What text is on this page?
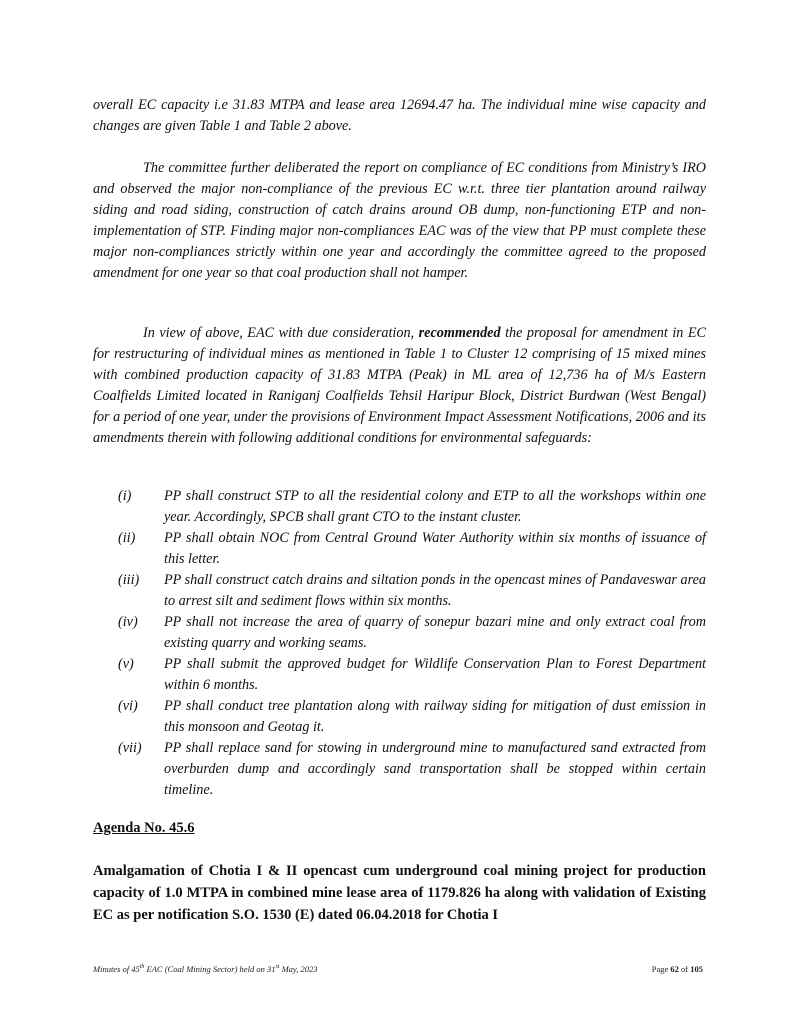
overall EC capacity i.e 31.83 MTPA and lease area 12694.47 ha. The individual mine wise capacity and changes are given Table 1 and Table 2 above.

The committee further deliberated the report on compliance of EC conditions from Ministry’s IRO and observed the major non-compliance of the previous EC w.r.t. three tier plantation around railway siding and road siding, construction of catch drains around OB dump, non-functioning ETP and non-implementation of STP. Finding major non-compliances EAC was of the view that PP must complete these major non-compliances strictly within one year and accordingly the committee agreed to the proposed amendment for one year so that coal production shall not hamper.

In view of above, EAC with due consideration, recommended the proposal for amendment in EC for restructuring of individual mines as mentioned in Table 1 to Cluster 12 comprising of 15 mixed mines with combined production capacity of 31.83 MTPA (Peak) in ML area of 12,736 ha of M/s Eastern Coalfields Limited located in Raniganj Coalfields Tehsil Haripur Block, District Burdwan (West Bengal) for a period of one year, under the provisions of Environment Impact Assessment Notifications, 2006 and its amendments therein with following additional conditions for environmental safeguards:

(i) PP shall construct STP to all the residential colony and ETP to all the workshops within one year. Accordingly, SPCB shall grant CTO to the instant cluster.
(ii) PP shall obtain NOC from Central Ground Water Authority within six months of issuance of this letter.
(iii) PP shall construct catch drains and siltation ponds in the opencast mines of Pandaveswar area to arrest silt and sediment flows within six months.
(iv) PP shall not increase the area of quarry of sonepur bazari mine and only extract coal from existing quarry and working seams.
(v) PP shall submit the approved budget for Wildlife Conservation Plan to Forest Department within 6 months.
(vi) PP shall conduct tree plantation along with railway siding for mitigation of dust emission in this monsoon and Geotag it.
(vii) PP shall replace sand for stowing in underground mine to manufactured sand extracted from overburden dump and accordingly sand transportation shall be stopped within certain timeline.

Agenda No. 45.6

Amalgamation of Chotia I & II opencast cum underground coal mining project for production capacity of 1.0 MTPA in combined mine lease area of 1179.826 ha along with validation of Existing EC as per notification S.O. 1530 (E) dated 06.04.2018 for Chotia I

Minutes of 45th EAC (Coal Mining Sector) held on 31st May, 2023	Page 62 of 105
